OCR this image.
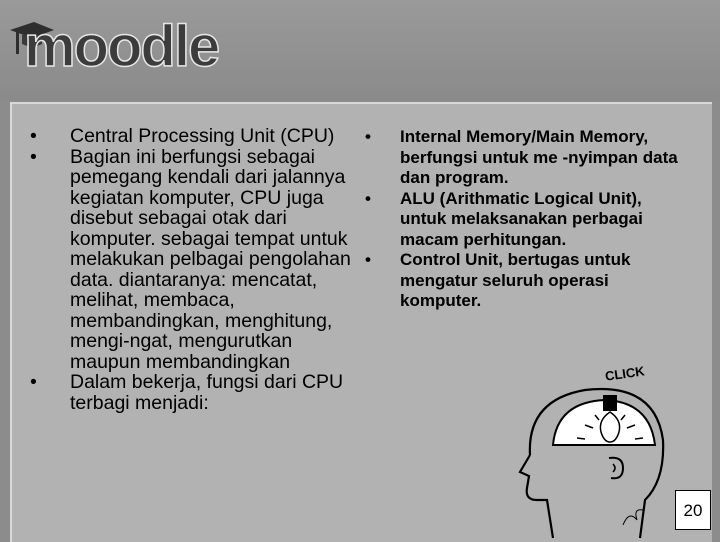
moodle
•	Central Processing Unit (CPU)
•	Bagian ini berfungsi sebagai pemegang kendali dari jalannya kegiatan komputer, CPU juga disebut sebagai otak dari komputer. sebagai tempat untuk melakukan pelbagai pengolahan data. diantaranya: mencatat, melihat, membaca, membandingkan, menghitung, mengi-ngat, mengurutkan maupun membandingkan
•	Dalam bekerja, fungsi dari CPU terbagi menjadi:
•	Internal Memory/Main Memory, berfungsi untuk me -nyimpan data dan program.
•	ALU (Arithmatic Logical Unit), untuk melaksanakan perbagai macam perhitungan.
•	Control Unit, bertugas untuk mengatur seluruh operasi komputer.
CLICK
20
